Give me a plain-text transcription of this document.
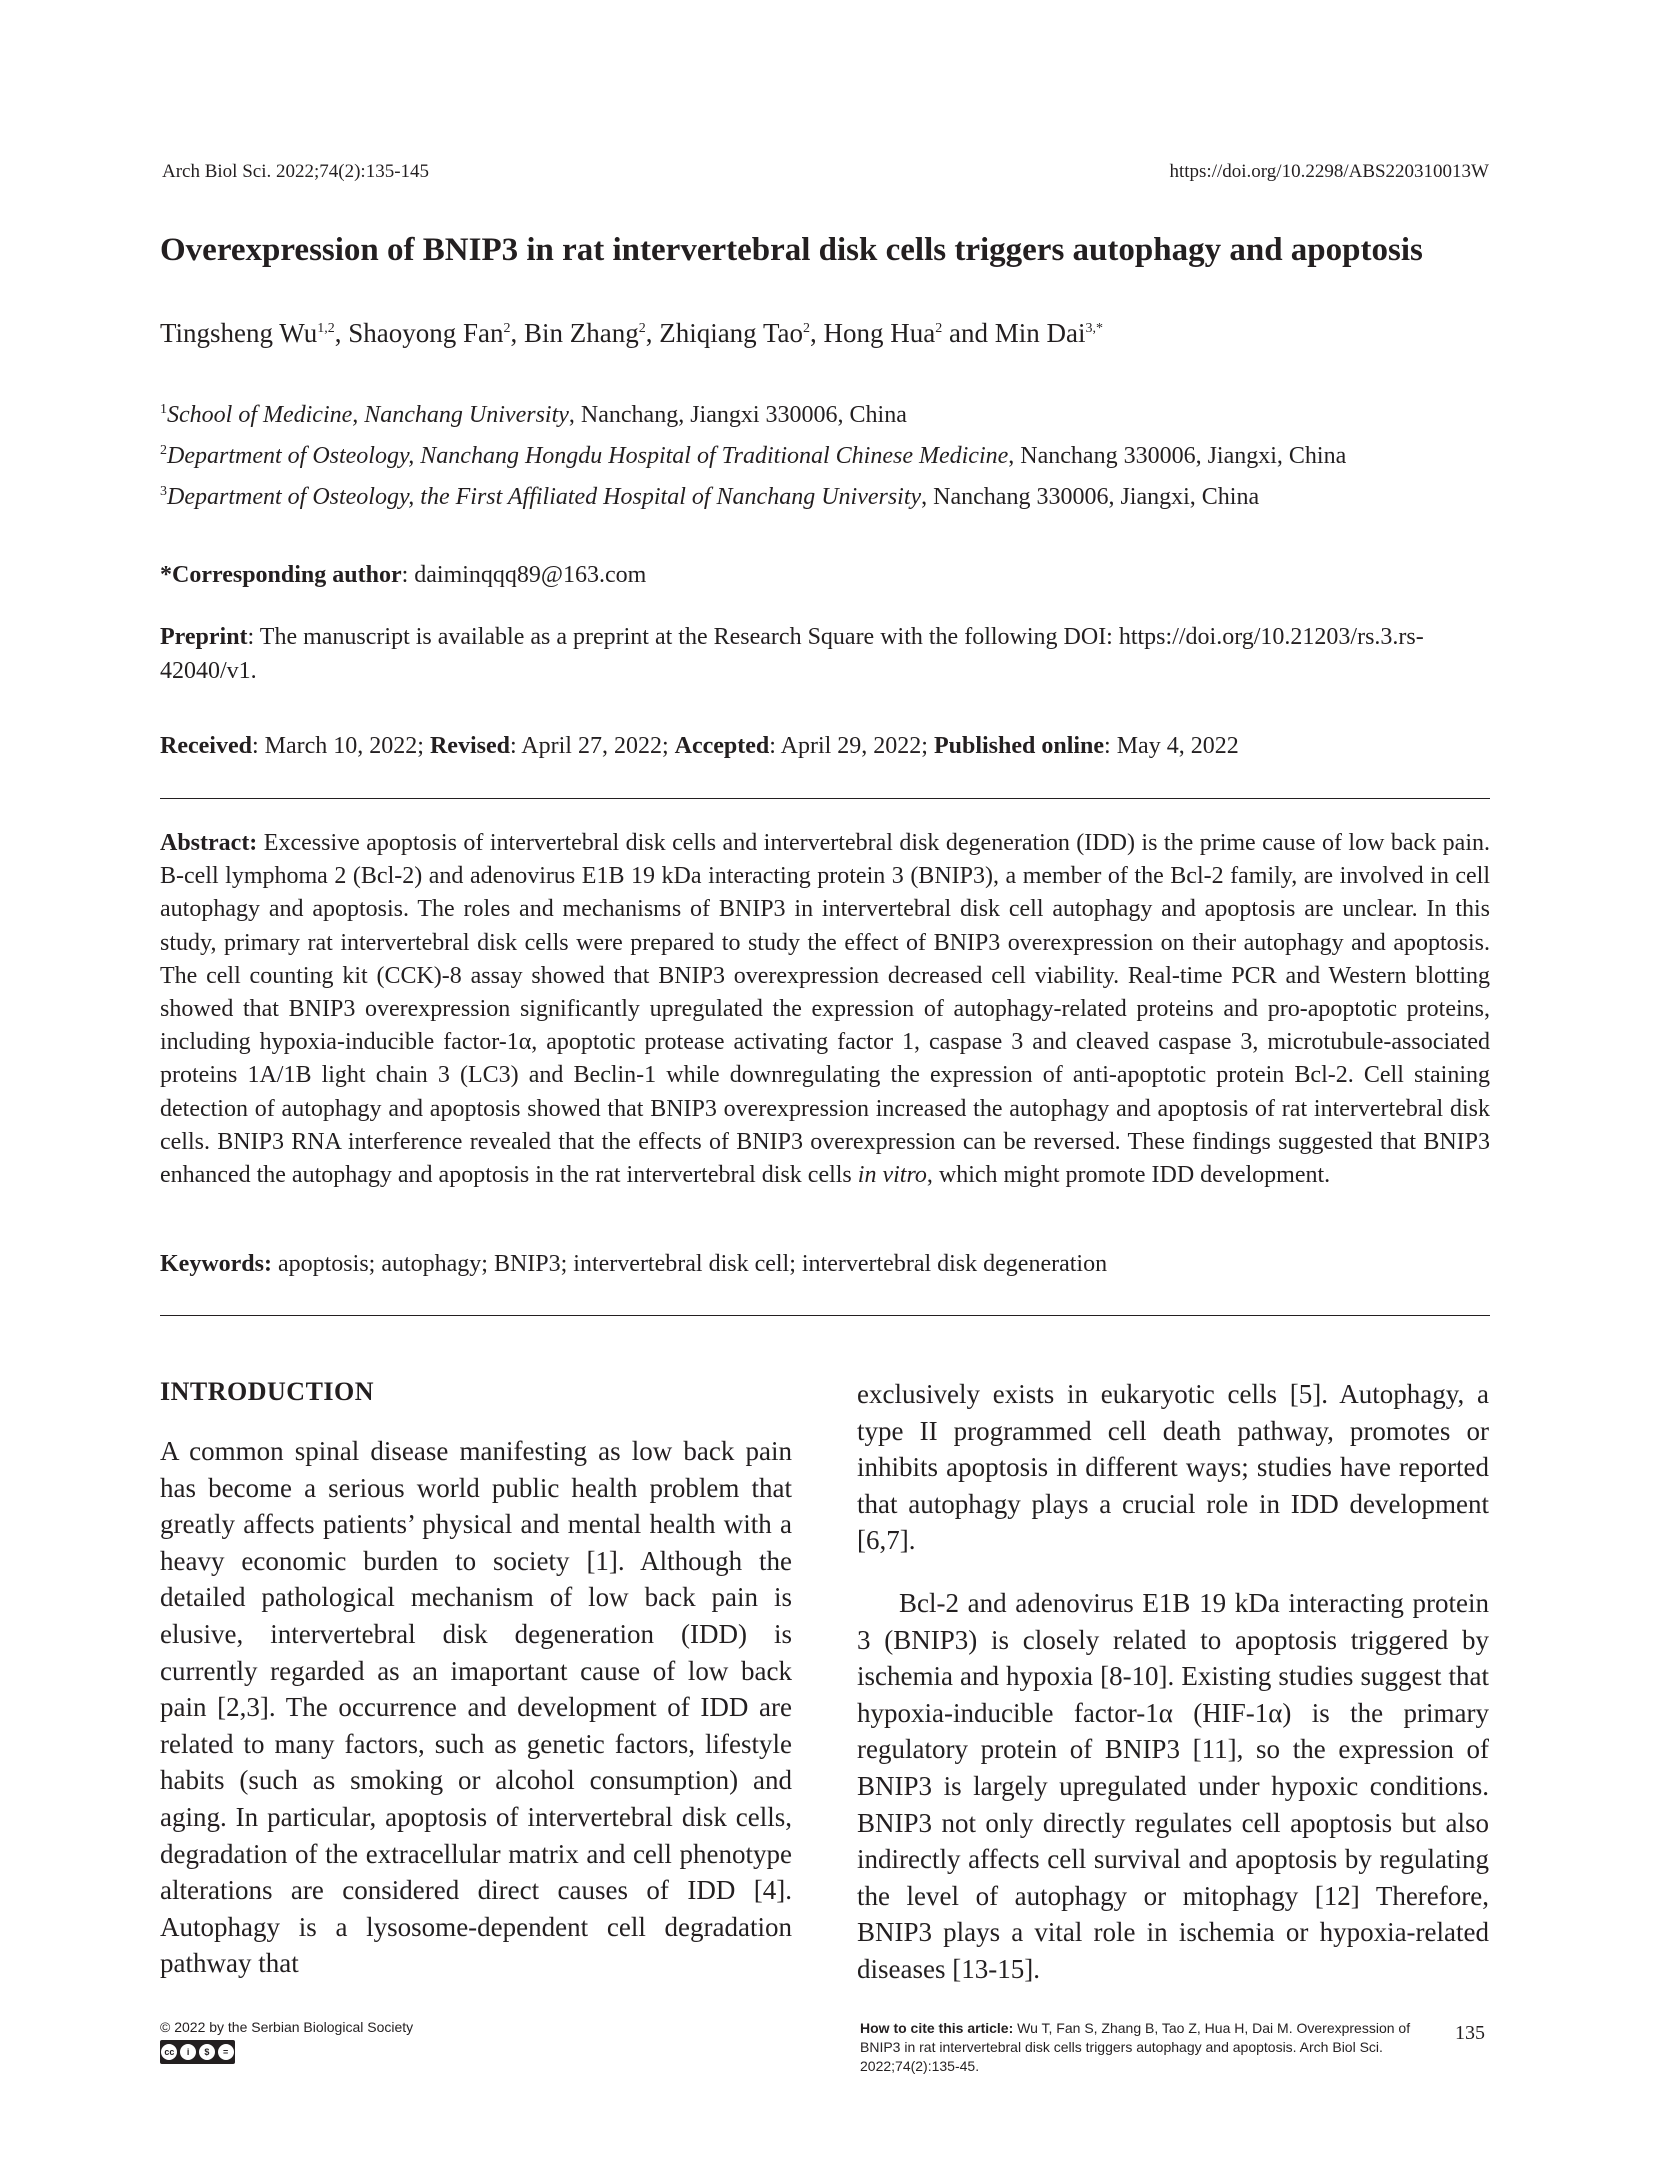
Arch Biol Sci. 2022;74(2):135-145	https://doi.org/10.2298/ABS220310013W
Overexpression of BNIP3 in rat intervertebral disk cells triggers autophagy and apoptosis
Tingsheng Wu$^{1,2}$, Shaoyong Fan$^2$, Bin Zhang$^2$, Zhiqiang Tao$^2$, Hong Hua$^2$ and Min Dai$^{3,*}$
$^1$School of Medicine, Nanchang University, Nanchang, Jiangxi 330006, China
$^2$Department of Osteology, Nanchang Hongdu Hospital of Traditional Chinese Medicine, Nanchang 330006, Jiangxi, China
$^3$Department of Osteology, the First Affiliated Hospital of Nanchang University, Nanchang 330006, Jiangxi, China
*Corresponding author: daiminqqq89@163.com
Preprint: The manuscript is available as a preprint at the Research Square with the following DOI: https://doi.org/10.21203/rs.3.rs-42040/v1.
Received: March 10, 2022; Revised: April 27, 2022; Accepted: April 29, 2022; Published online: May 4, 2022
Abstract: Excessive apoptosis of intervertebral disk cells and intervertebral disk degeneration (IDD) is the prime cause of low back pain. B-cell lymphoma 2 (Bcl-2) and adenovirus E1B 19 kDa interacting protein 3 (BNIP3), a member of the Bcl-2 family, are involved in cell autophagy and apoptosis. The roles and mechanisms of BNIP3 in intervertebral disk cell autophagy and apoptosis are unclear. In this study, primary rat intervertebral disk cells were prepared to study the effect of BNIP3 overexpression on their autophagy and apoptosis. The cell counting kit (CCK)-8 assay showed that BNIP3 overexpression decreased cell viability. Real-time PCR and Western blotting showed that BNIP3 overexpression significantly upregulated the expression of autophagy-related proteins and pro-apoptotic proteins, including hypoxia-inducible factor-1α, apoptotic protease activating factor 1, caspase 3 and cleaved caspase 3, microtubule-associated proteins 1A/1B light chain 3 (LC3) and Beclin-1 while downregulating the expression of anti-apoptotic protein Bcl-2. Cell staining detection of autophagy and apoptosis showed that BNIP3 overexpression increased the autophagy and apoptosis of rat intervertebral disk cells. BNIP3 RNA interference revealed that the effects of BNIP3 overexpression can be reversed. These findings suggested that BNIP3 enhanced the autophagy and apoptosis in the rat intervertebral disk cells in vitro, which might promote IDD development.
Keywords: apoptosis; autophagy; BNIP3; intervertebral disk cell; intervertebral disk degeneration
INTRODUCTION

A common spinal disease manifesting as low back pain has become a serious world public health problem that greatly affects patients’ physical and mental health with a heavy economic burden to society [1]. Although the detailed pathological mechanism of low back pain is elusive, intervertebral disk degeneration (IDD) is currently regarded as an imaportant cause of low back pain [2,3]. The occurrence and development of IDD are related to many factors, such as genetic factors, lifestyle habits (such as smoking or alcohol consumption) and aging. In particular, apoptosis of intervertebral disk cells, degradation of the extracellular matrix and cell phenotype alterations are considered direct causes of IDD [4]. Autophagy is a lysosome-dependent cell degradation pathway that

exclusively exists in eukaryotic cells [5]. Autophagy, a type II programmed cell death pathway, promotes or inhibits apoptosis in different ways; studies have reported that autophagy plays a crucial role in IDD development [6,7].

Bcl-2 and adenovirus E1B 19 kDa interacting protein 3 (BNIP3) is closely related to apoptosis triggered by ischemia and hypoxia [8-10]. Existing studies suggest that hypoxia-inducible factor-1α (HIF-1α) is the primary regulatory protein of BNIP3 [11], so the expression of BNIP3 is largely upregulated under hypoxic conditions. BNIP3 not only directly regulates cell apoptosis but also indirectly affects cell survival and apoptosis by regulating the level of autophagy or mitophagy [12] Therefore, BNIP3 plays a vital role in ischemia or hypoxia-related diseases [13-15].

© 2022 by the Serbian Biological Society
cc	i	$	=
How to cite this article: Wu T, Fan S, Zhang B, Tao Z, Hua H, Dai M. Overexpression of BNIP3 in rat intervertebral disk cells triggers autophagy and apoptosis. Arch Biol Sci. 2022;74(2):135-45.
135
